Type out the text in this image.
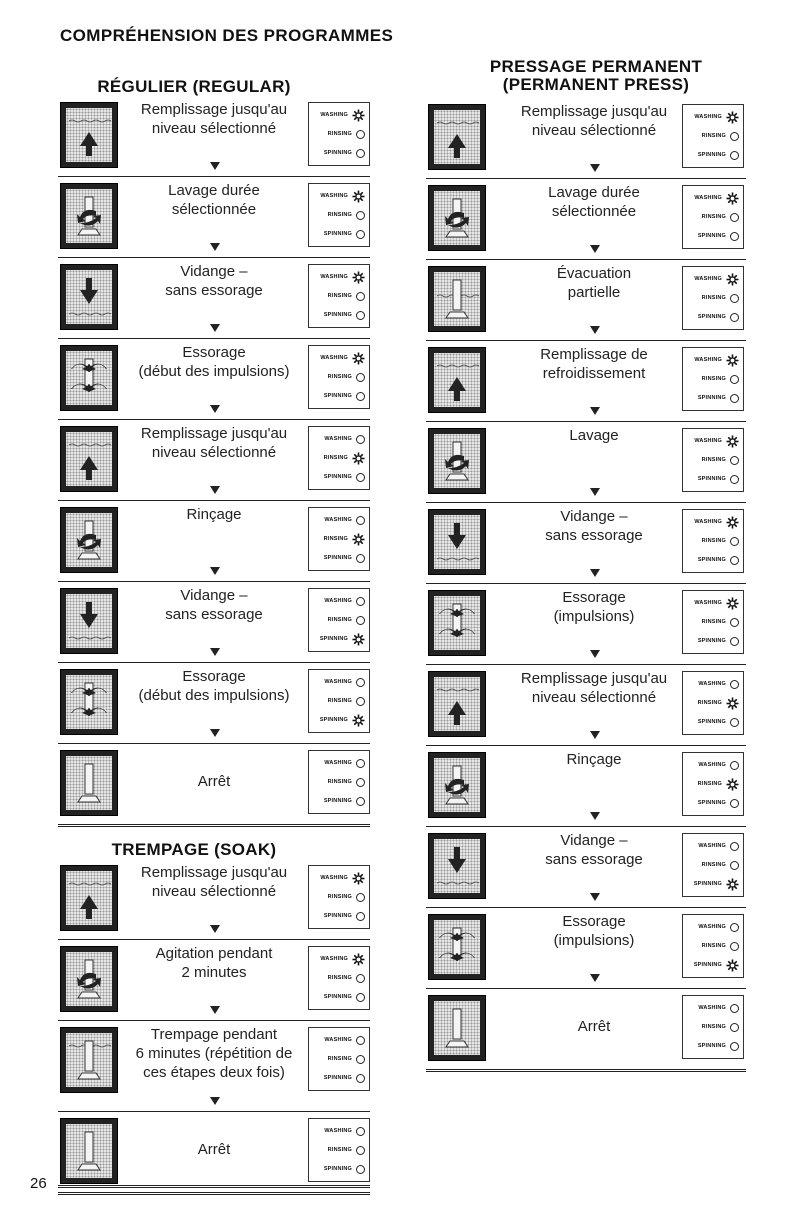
COMPRÉHENSION DES PROGRAMMES
RÉGULIER (REGULAR)
Remplissage jusqu'au
niveau sélectionné
WASHING
RINSING
SPINNING
Lavage durée
sélectionnée
WASHING
RINSING
SPINNING
Vidange –
sans essorage
WASHING
RINSING
SPINNING
Essorage
(début des impulsions)
WASHING
RINSING
SPINNING
Remplissage jusqu'au
niveau sélectionné
WASHING
RINSING
SPINNING
Rinçage	WASHING
RINSING
SPINNING
Vidange –
sans essorage
WASHING
RINSING
SPINNING
Essorage
(début des impulsions)
WASHING
RINSING
SPINNING
Arrêt
WASHING
RINSING
SPINNING
TREMPAGE (SOAK)
Remplissage jusqu'au
niveau sélectionné
WASHING
RINSING
SPINNING
Agitation pendant
2 minutes
WASHING
RINSING
SPINNING
Trempage pendant
6 minutes (répétition de
ces étapes deux fois)
WASHING
RINSING
SPINNING
Arrêt
WASHING
RINSING
SPINNING
PRESSAGE PERMANENT
(PERMANENT PRESS)
Remplissage jusqu'au
niveau sélectionné
WASHING
RINSING
SPINNING
Lavage durée
sélectionnée
WASHING
RINSING
SPINNING
Évacuation
partielle
WASHING
RINSING
SPINNING
Remplissage de
refroidissement
WASHING
RINSING
SPINNING
Lavage	WASHING
RINSING
SPINNING
Vidange –
sans essorage
WASHING
RINSING
SPINNING
Essorage
(impulsions)
WASHING
RINSING
SPINNING
Remplissage jusqu'au
niveau sélectionné
WASHING
RINSING
SPINNING
Rinçage	WASHING
RINSING
SPINNING
Vidange –
sans essorage
WASHING
RINSING
SPINNING
Essorage
(impulsions)
WASHING
RINSING
SPINNING
Arrêt
WASHING
RINSING
SPINNING
26
